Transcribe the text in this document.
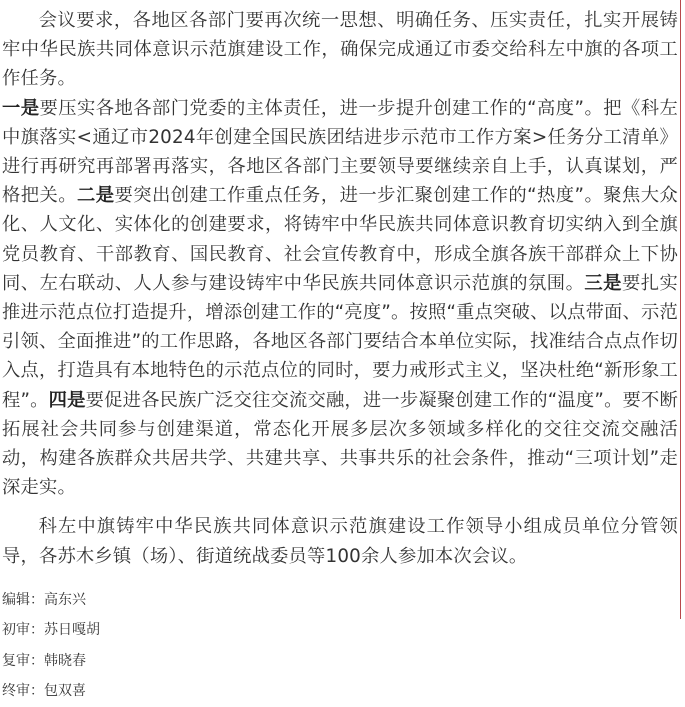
会议要求，各地区各部门要再次统一思想、明确任务、压实责任，扎实开展铸牢中华民族共同体意识示范旗建设工作，确保完成通辽市委交给科左中旗的各项工作任务。

一是要压实各地各部门党委的主体责任，进一步提升创建工作的“高度”。把《科左中旗落实<通辽市2024年创建全国民族团结进步示范市工作方案>任务分工清单》进行再研究再部署再落实，各地区各部门主要领导要继续亲自上手，认真谋划，严格把关。二是要突出创建工作重点任务，进一步汇聚创建工作的“热度”。聚焦大众化、人文化、实体化的创建要求，将铸牢中华民族共同体意识教育切实纳入到全旗党员教育、干部教育、国民教育、社会宣传教育中，形成全旗各族干部群众上下协同、左右联动、人人参与建设铸牢中华民族共同体意识示范旗的氛围。三是要扎实推进示范点位打造提升，增添创建工作的“亮度”。按照“重点突破、以点带面、示范引领、全面推进”的工作思路，各地区各部门要结合本单位实际，找准结合点点作切入点，打造具有本地特色的示范点位的同时，要力戒形式主义，坚决杜绝“新形象工程”。四是要促进各民族广泛交往交流交融，进一步凝聚创建工作的“温度”。要不断拓展社会共同参与创建渠道，常态化开展多层次多领域多样化的交往交流交融活动，构建各族群众共居共学、共建共享、共事共乐的社会条件，推动“三项计划”走深走实。

科左中旗铸牢中华民族共同体意识示范旗建设工作领导小组成员单位分管领导，各苏木乡镇（场）、街道统战委员等100余人参加本次会议。

编辑：高东兴
初审：苏日嘎胡
复审：韩晓春
终审：包双喜
